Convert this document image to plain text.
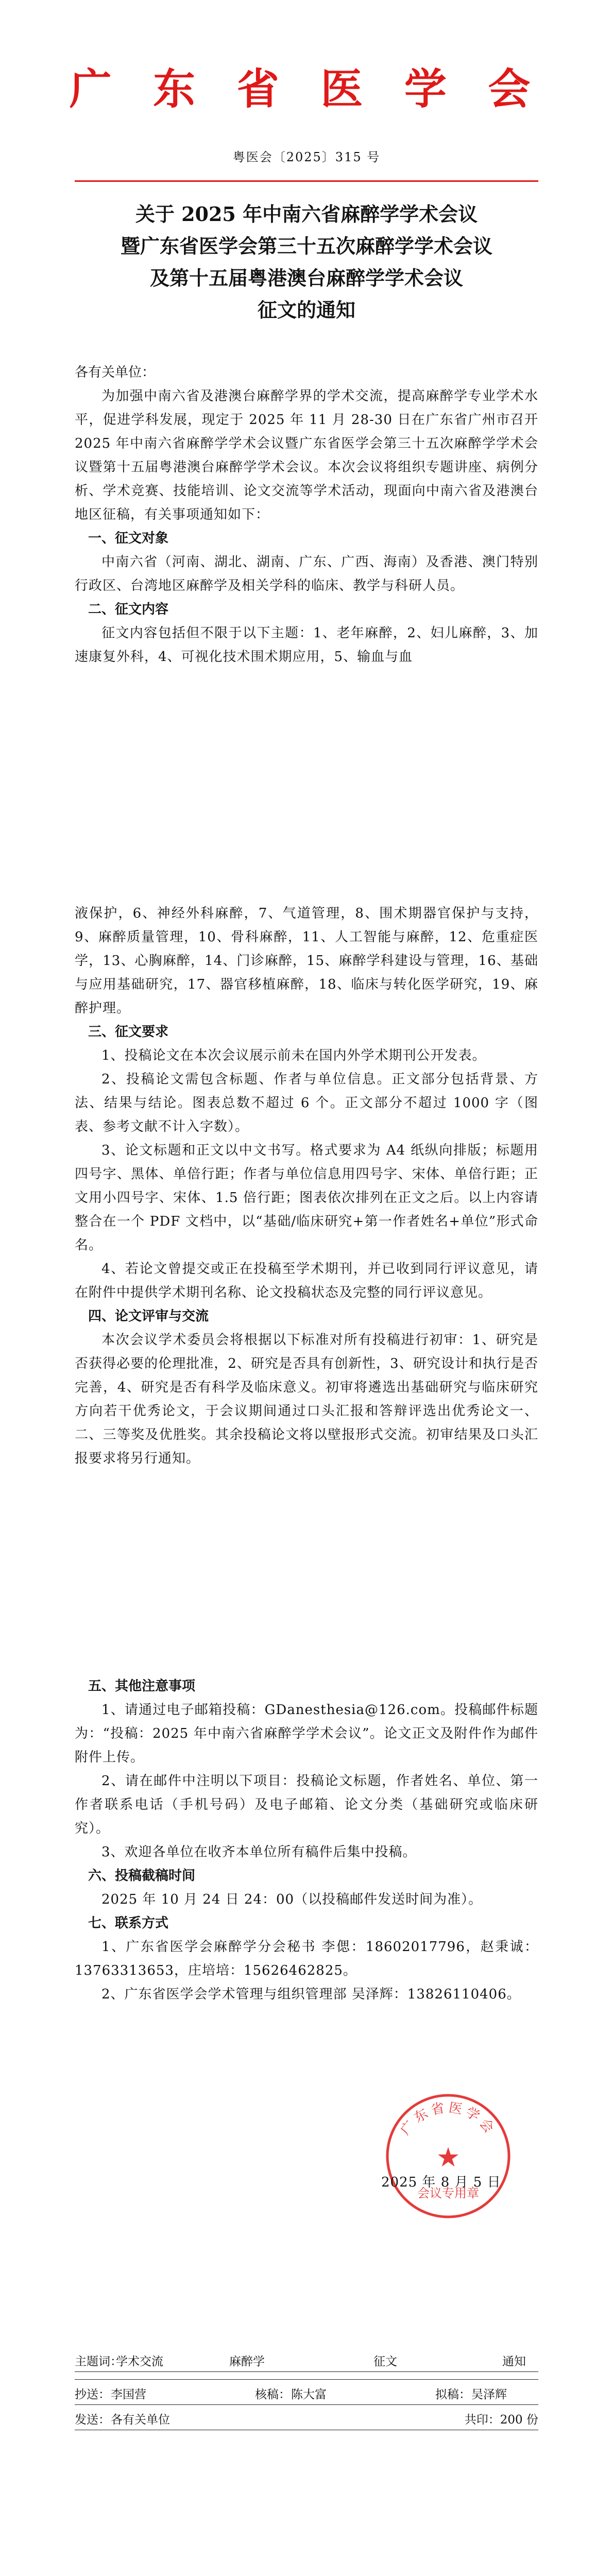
广 东 省 医 学 会
粤医会〔2025〕315 号
关于 2025 年中南六省麻醉学学术会议
暨广东省医学会第三十五次麻醉学学术会议
及第十五届粤港澳台麻醉学学术会议
征文的通知

各有关单位：

为加强中南六省及港澳台麻醉学界的学术交流，提高麻醉学专业学术水平，促进学科发展，现定于 2025 年 11 月 28-30 日在广东省广州市召开 2025 年中南六省麻醉学学术会议暨广东省医学会第三十五次麻醉学学术会议暨第十五届粤港澳台麻醉学学术会议。本次会议将组织专题讲座、病例分析、学术竞赛、技能培训、论文交流等学术活动，现面向中南六省及港澳台地区征稿，有关事项通知如下：

一、征文对象

中南六省（河南、湖北、湖南、广东、广西、海南）及香港、澳门特别行政区、台湾地区麻醉学及相关学科的临床、教学与科研人员。

二、征文内容

征文内容包括但不限于以下主题：1、老年麻醉，2、妇儿麻醉，3、加速康复外科，4、可视化技术围术期应用，5、输血与血

液保护，6、神经外科麻醉，7、气道管理，8、围术期器官保护与支持，9、麻醉质量管理，10、骨科麻醉，11、人工智能与麻醉，12、危重症医学，13、心胸麻醉，14、门诊麻醉，15、麻醉学科建设与管理，16、基础与应用基础研究，17、器官移植麻醉，18、临床与转化医学研究，19、麻醉护理。

三、征文要求

1、投稿论文在本次会议展示前未在国内外学术期刊公开发表。

2、投稿论文需包含标题、作者与单位信息。正文部分包括背景、方法、结果与结论。图表总数不超过 6 个。正文部分不超过 1000 字（图表、参考文献不计入字数）。

3、论文标题和正文以中文书写。格式要求为 A4 纸纵向排版；标题用四号字、黑体、单倍行距；作者与单位信息用四号字、宋体、单倍行距；正文用小四号字、宋体、1.5 倍行距；图表依次排列在正文之后。以上内容请整合在一个 PDF 文档中，以“基础/临床研究+第一作者姓名+单位”形式命名。

4、若论文曾提交或正在投稿至学术期刊，并已收到同行评议意见，请在附件中提供学术期刊名称、论文投稿状态及完整的同行评议意见。

四、论文评审与交流

本次会议学术委员会将根据以下标准对所有投稿进行初审：1、研究是否获得必要的伦理批准，2、研究是否具有创新性，3、研究设计和执行是否完善，4、研究是否有科学及临床意义。初审将遴选出基础研究与临床研究方向若干优秀论文，于会议期间通过口头汇报和答辩评选出优秀论文一、二、三等奖及优胜奖。其余投稿论文将以壁报形式交流。初审结果及口头汇报要求将另行通知。

五、其他注意事项

1、请通过电子邮箱投稿：GDanesthesia@126.com。投稿邮件标题为：“投稿：2025 年中南六省麻醉学学术会议”。论文正文及附件作为邮件附件上传。

2、请在邮件中注明以下项目：投稿论文标题，作者姓名、单位、第一作者联系电话（手机号码）及电子邮箱、论文分类（基础研究或临床研究）。

3、欢迎各单位在收齐本单位所有稿件后集中投稿。

六、投稿截稿时间

2025 年 10 月 24 日 24：00（以投稿邮件发送时间为准）。

七、联系方式

1、广东省医学会麻醉学分会秘书 李偲：18602017796，赵秉诚：13763313653，庄培培：15626462825。

2、广东省医学会学术管理与组织管理部 吴泽辉：13826110406。

★
广东省医学会
会议专用章
2025 年 8 月 5 日
主题词：
学术交流	麻醉学	征文	通知
抄送： 李国营	核稿： 陈大富	拟稿： 吴泽辉
发送： 各有关单位	共印：200 份
